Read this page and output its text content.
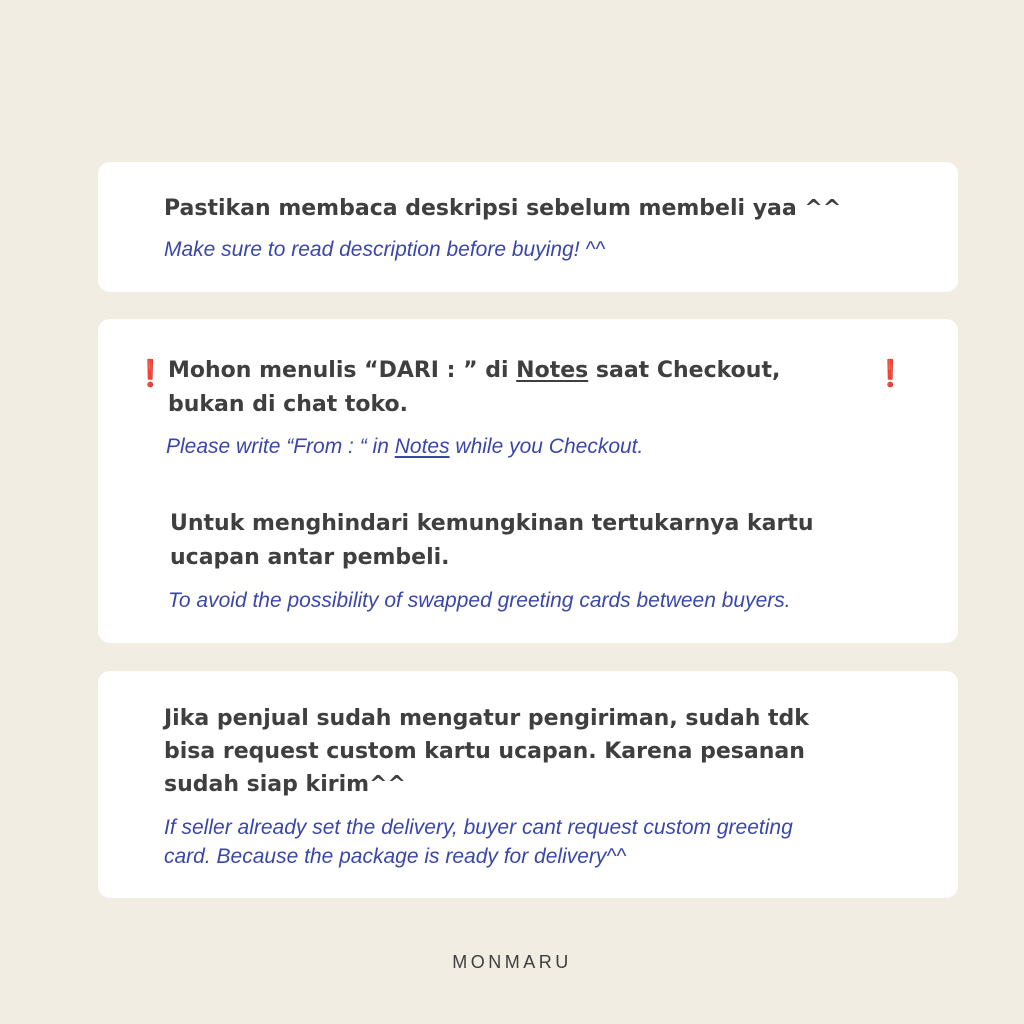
Pastikan membaca deskripsi sebelum membeli yaa ^^

Make sure to read description before buying! ^^

❗	❗

Mohon menulis “DARI : ” di Notes saat Checkout,

bukan di chat toko.

Please write “From : “ in Notes while you Checkout.

Untuk menghindari kemungkinan tertukarnya kartu

ucapan antar pembeli.

To avoid the possibility of swapped greeting cards between buyers.

Jika penjual sudah mengatur pengiriman, sudah tdk

bisa request custom kartu ucapan. Karena pesanan

sudah siap kirim^^

If seller already set the delivery, buyer cant request custom greeting

card. Because the package is ready for delivery^^

MONMARU
